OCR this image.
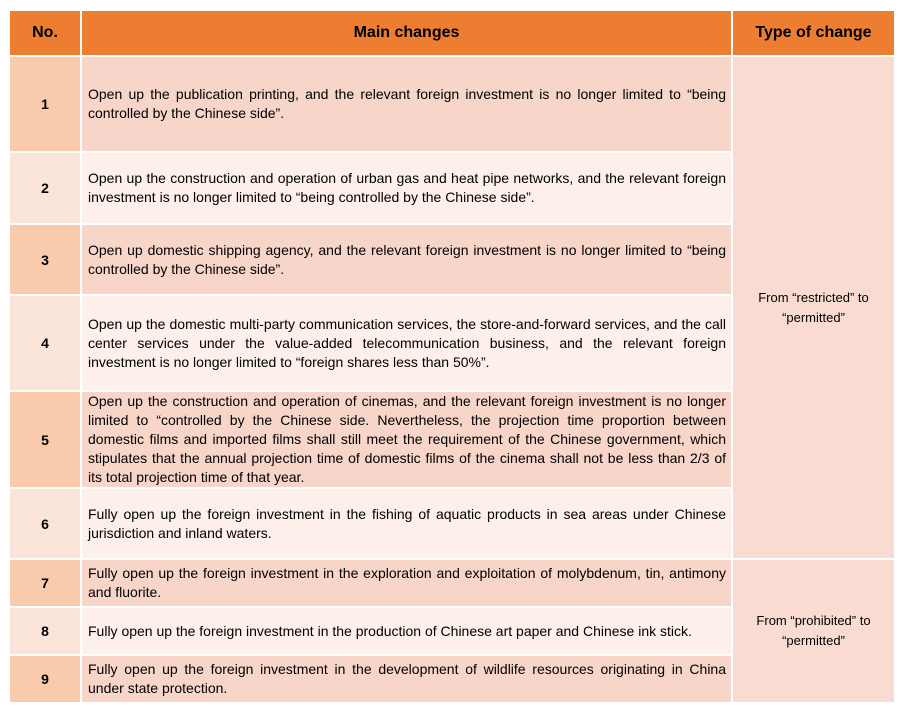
No.	Main changes	Type of change
1	Open up the publication printing, and the relevant foreign investment is no longer limited to “being controlled by the Chinese side”.	From “restricted” to “permitted”
2	Open up the construction and operation of urban gas and heat pipe networks, and the relevant foreign investment is no longer limited to “being controlled by the Chinese side”.	
3	Open up domestic shipping agency, and the relevant foreign investment is no longer limited to “being controlled by the Chinese side”.	
4	Open up the domestic multi-party communication services, the store-and-forward services, and the call center services under the value-added telecommunication business, and the relevant foreign investment is no longer limited to “foreign shares less than 50%”.	
5	Open up the construction and operation of cinemas, and the relevant foreign investment is no longer limited to “controlled by the Chinese side. Nevertheless, the projection time proportion between domestic films and imported films shall still meet the requirement of the Chinese government, which stipulates that the annual projection time of domestic films of the cinema shall not be less than 2/3 of its total projection time of that year.	
6	Fully open up the foreign investment in the fishing of aquatic products in sea areas under Chinese jurisdiction and inland waters.	
7	Fully open up the foreign investment in the exploration and exploitation of molybdenum, tin, antimony and fluorite.	From “prohibited” to “permitted”
8	Fully open up the foreign investment in the production of Chinese art paper and Chinese ink stick.	
9	Fully open up the foreign investment in the development of wildlife resources originating in China under state protection.	
